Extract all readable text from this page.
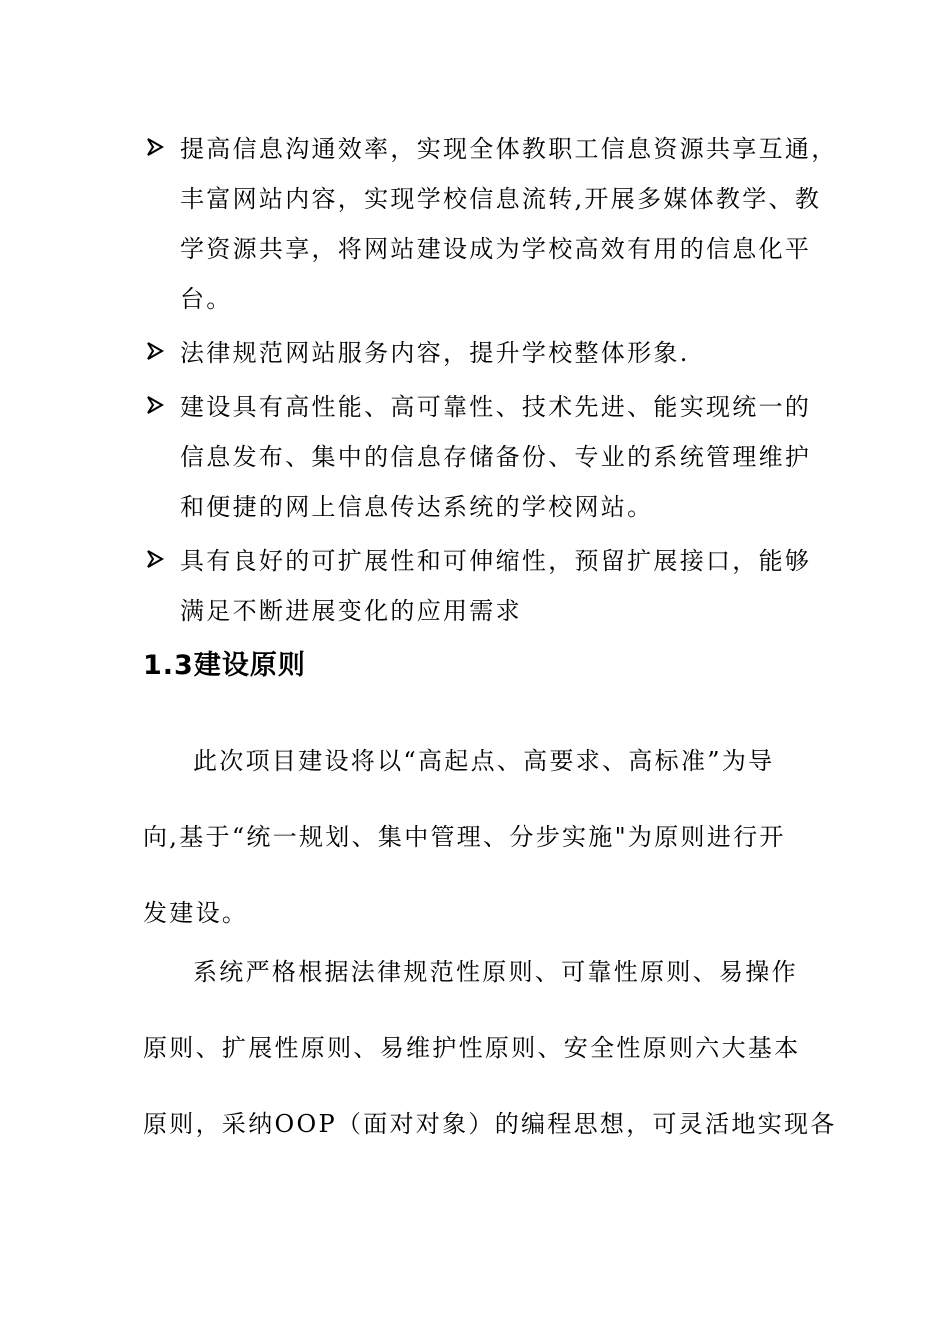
提高信息沟通效率，实现全体教职工信息资源共享互通，
丰富网站内容，实现学校信息流转,开展多媒体教学、教
学资源共享，将网站建设成为学校高效有用的信息化平
台。
法律规范网站服务内容，提升学校整体形象.
建设具有高性能、高可靠性、技术先进、能实现统一的
信息发布、集中的信息存储备份、专业的系统管理维护
和便捷的网上信息传达系统的学校网站。
具有良好的可扩展性和可伸缩性，预留扩展接口，能够
满足不断进展变化的应用需求
1.3建设原则
此次项目建设将以“高起点、高要求、高标准”为导
向,基于“统一规划、集中管理、分步实施"为原则进行开
发建设。
系统严格根据法律规范性原则、可靠性原则、易操作
原则、扩展性原则、易维护性原则、安全性原则六大基本
原则，采纳OOP（面对对象）的编程思想，可灵活地实现各
